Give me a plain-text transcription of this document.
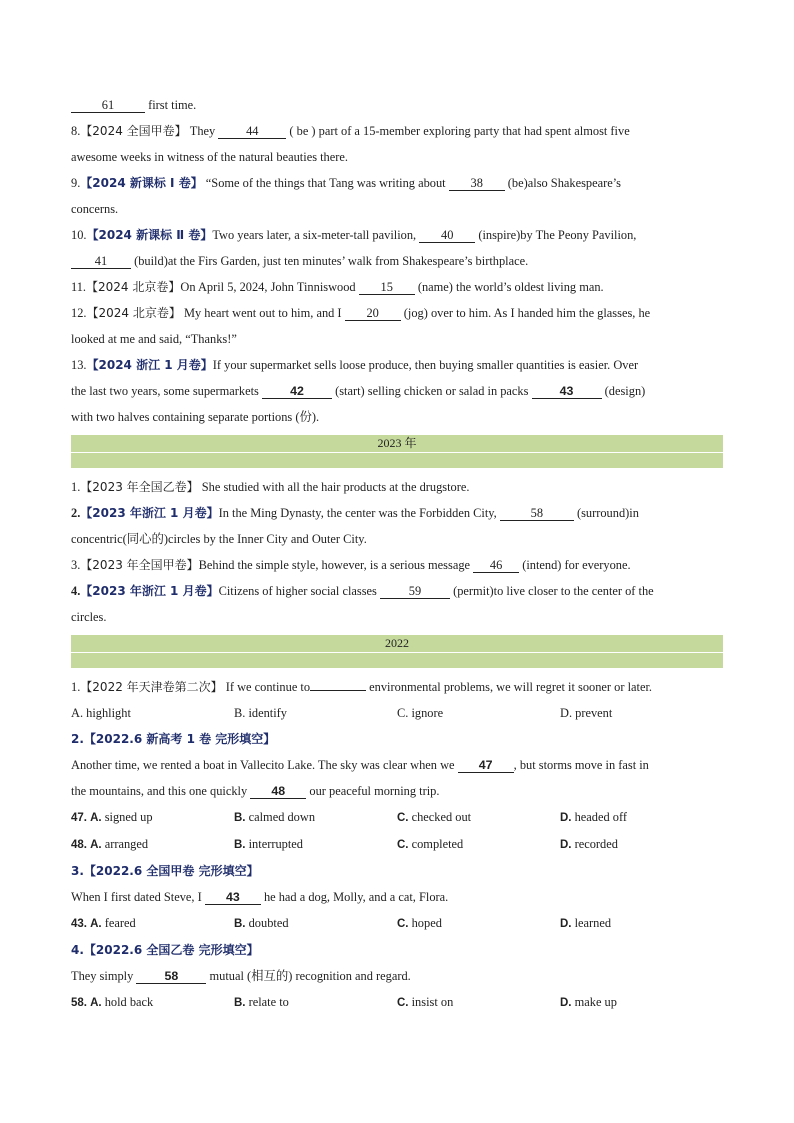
61 first time.

8.【2024 全国甲卷】 They 44 ( be ) part of a 15-member exploring party that had spent almost five
awesome weeks in witness of the natural beauties there.

9.【2024 新课标 Ⅰ 卷】 “Some of the things that Tang was writing about 38 (be)also Shakespeare’s
concerns.

10.【2024 新课标 Ⅱ 卷】Two years later, a six-meter-tall pavilion, 40 (inspire)by The Peony Pavilion,
41 (build)at the Firs Garden, just ten minutes’ walk from Shakespeare’s birthplace.

11.【2024 北京卷】On April 5, 2024, John Tinniswood 15 (name) the world’s oldest living man.

12.【2024 北京卷】 My heart went out to him, and I 20 (jog) over to him. As I handed him the glasses, he
looked at me and said, “Thanks!”

13.【2024 浙江 1 月卷】If your supermarket sells loose produce, then buying smaller quantities is easier. Over
the last two years, some supermarkets 42 (start) selling chicken or salad in packs 43 (design)
with two halves containing separate portions (份).

2023 年

1.【2023 年全国乙卷】 She studied with all the hair products at the drugstore.

2.【2023 年浙江 1 月卷】In the Ming Dynasty, the center was the Forbidden City, 58 (surround)in
concentric(同心的)circles by the Inner City and Outer City.

3.【2023 年全国甲卷】Behind the simple style, however, is a serious message 46 (intend) for everyone.

4.【2023 年浙江 1 月卷】Citizens of higher social classes 59 (permit)to live closer to the center of the
circles.

2022

1.【2022 年天津卷第二次】 If we continue to	environmental problems, we will regret it sooner or later.

A. highlight	B. identify	C. ignore	D. prevent
2.【2022.6 新高考 1 卷 完形填空】

Another time, we rented a boat in Vallecito Lake. The sky was clear when we 47 , but storms move in fast in
the mountains, and this one quickly 48 our peaceful morning trip.

47. A. signed up	B. calmed down	C. checked out	D. headed off
48. A. arranged	B. interrupted	C. completed	D. recorded
3.【2022.6 全国甲卷 完形填空】

When I first dated Steve, I 43 he had a dog, Molly, and a cat, Flora.

43. A. feared	B. doubted	C. hoped	D. learned
4.【2022.6 全国乙卷 完形填空】

They simply 58 mutual (相互的) recognition and regard.

58. A. hold back	B. relate to	C. insist on	D. make up
